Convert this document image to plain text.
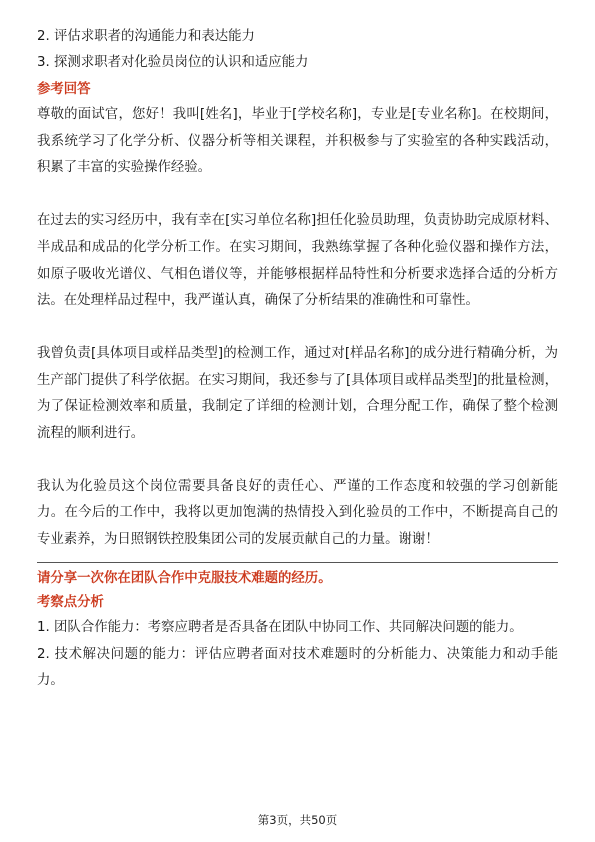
2. 评估求职者的沟通能力和表达能力
3. 探测求职者对化验员岗位的认识和适应能力
参考回答

尊敬的面试官，您好！我叫[姓名]，毕业于[学校名称]，专业是[专业名称]。在校期间，我系统学习了化学分析、仪器分析等相关课程，并积极参与了实验室的各种实践活动，积累了丰富的实验操作经验。

在过去的实习经历中，我有幸在[实习单位名称]担任化验员助理，负责协助完成原材料、半成品和成品的化学分析工作。在实习期间，我熟练掌握了各种化验仪器和操作方法，如原子吸收光谱仪、气相色谱仪等，并能够根据样品特性和分析要求选择合适的分析方法。在处理样品过程中，我严谨认真，确保了分析结果的准确性和可靠性。

我曾负责[具体项目或样品类型]的检测工作，通过对[样品名称]的成分进行精确分析，为生产部门提供了科学依据。在实习期间，我还参与了[具体项目或样品类型]的批量检测，为了保证检测效率和质量，我制定了详细的检测计划，合理分配工作，确保了整个检测流程的顺利进行。

我认为化验员这个岗位需要具备良好的责任心、严谨的工作态度和较强的学习创新能力。在今后的工作中，我将以更加饱满的热情投入到化验员的工作中，不断提高自己的专业素养，为日照钢铁控股集团公司的发展贡献自己的力量。谢谢！

请分享一次你在团队合作中克服技术难题的经历。
考察点分析

1. 团队合作能力：考察应聘者是否具备在团队中协同工作、共同解决问题的能力。

2. 技术解决问题的能力：评估应聘者面对技术难题时的分析能力、决策能力和动手能力。

第3页，共50页
